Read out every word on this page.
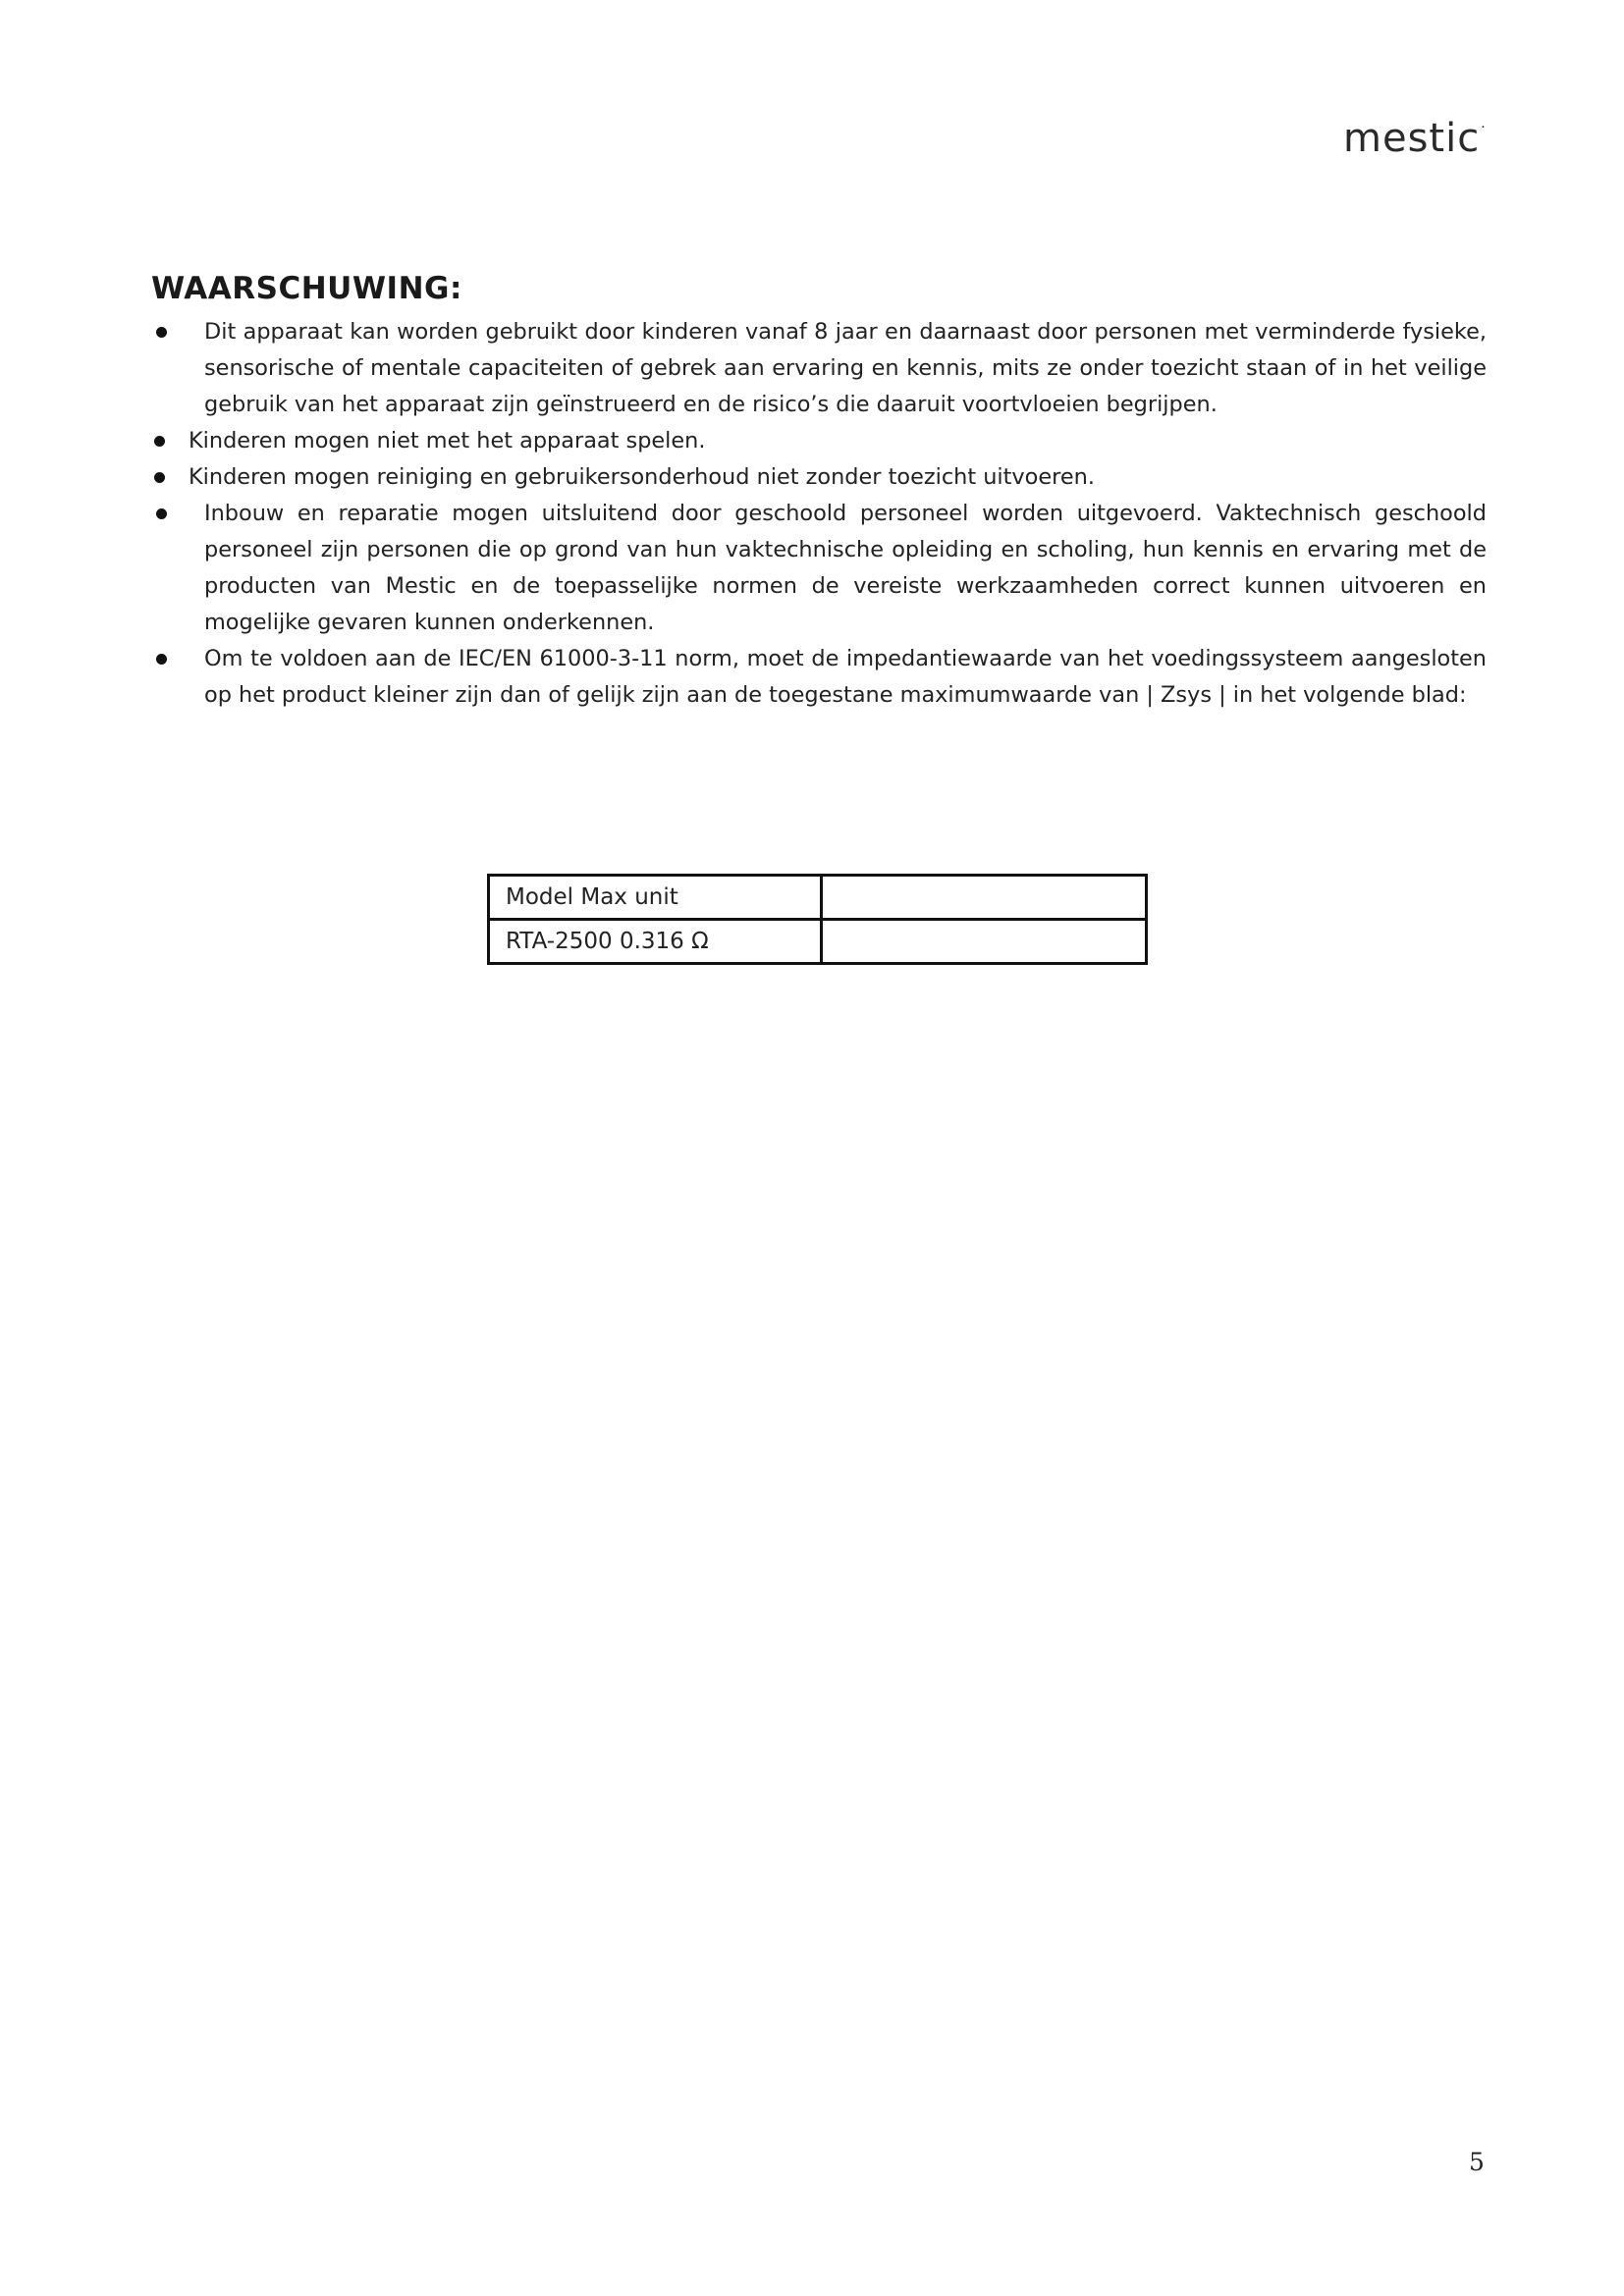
mestic·
WAARSCHUWING:
Dit apparaat kan worden gebruikt door kinderen vanaf 8 jaar en daarnaast door personen met verminderde fysieke, sensorische of mentale capaciteiten of gebrek aan ervaring en kennis, mits ze onder toezicht staan of in het veilige gebruik van het apparaat zijn geïnstrueerd en de risico’s die daaruit voortvloeien begrijpen.
Kinderen mogen niet met het apparaat spelen.
Kinderen mogen reiniging en gebruikersonderhoud niet zonder toezicht uitvoeren.
Inbouw en reparatie mogen uitsluitend door geschoold personeel worden uitgevoerd. Vaktechnisch geschoold personeel zijn personen die op grond van hun vaktechnische opleiding en scholing, hun kennis en ervaring met de producten van Mestic en de toepasselijke normen de vereiste werkzaamheden correct kunnen uitvoeren en mogelijke gevaren kunnen onderkennen.
Om te voldoen aan de IEC/EN 61000-3-11 norm, moet de impedantiewaarde van het voedingssysteem aangesloten op het product kleiner zijn dan of gelijk zijn aan de toegestane maximumwaarde van | Zsys | in het volgende blad:
Model Max unit	
RTA-2500 0.316 Ω	
5
